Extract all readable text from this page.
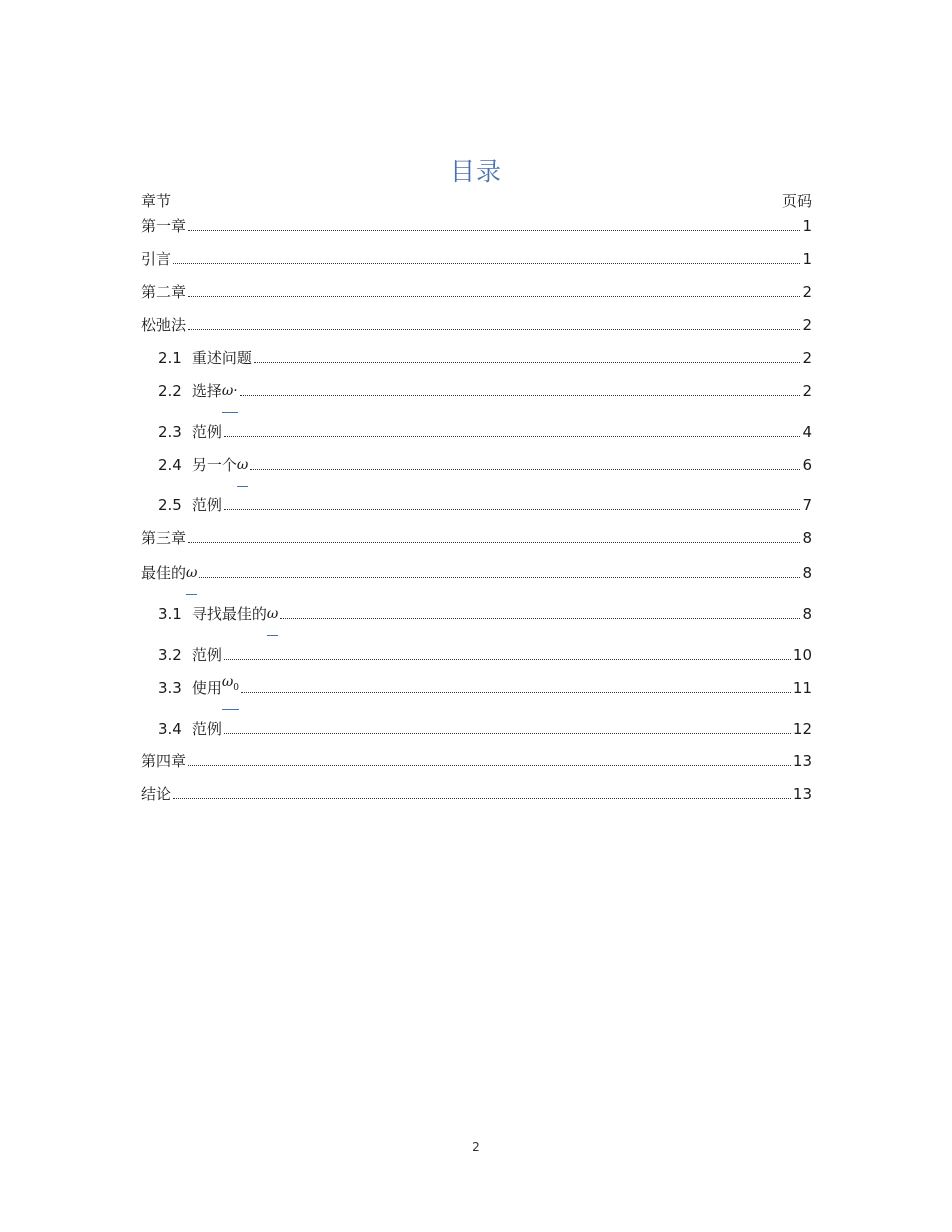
目录
章节	页码
第一章	1
引言	1
第二章	2
松弛法	2
2.1 重述问题	2
2.2 选择 ω·	2
2.3 范例	4
2.4 另一个 ω	6
2.5 范例	7
第三章	8
最佳的 ω	8
3.1 寻找最佳的 ω	8
3.2 范例	10
3.3 使用 $\omega_0$	11
3.4 范例	12
第四章	13
结论	13
2
